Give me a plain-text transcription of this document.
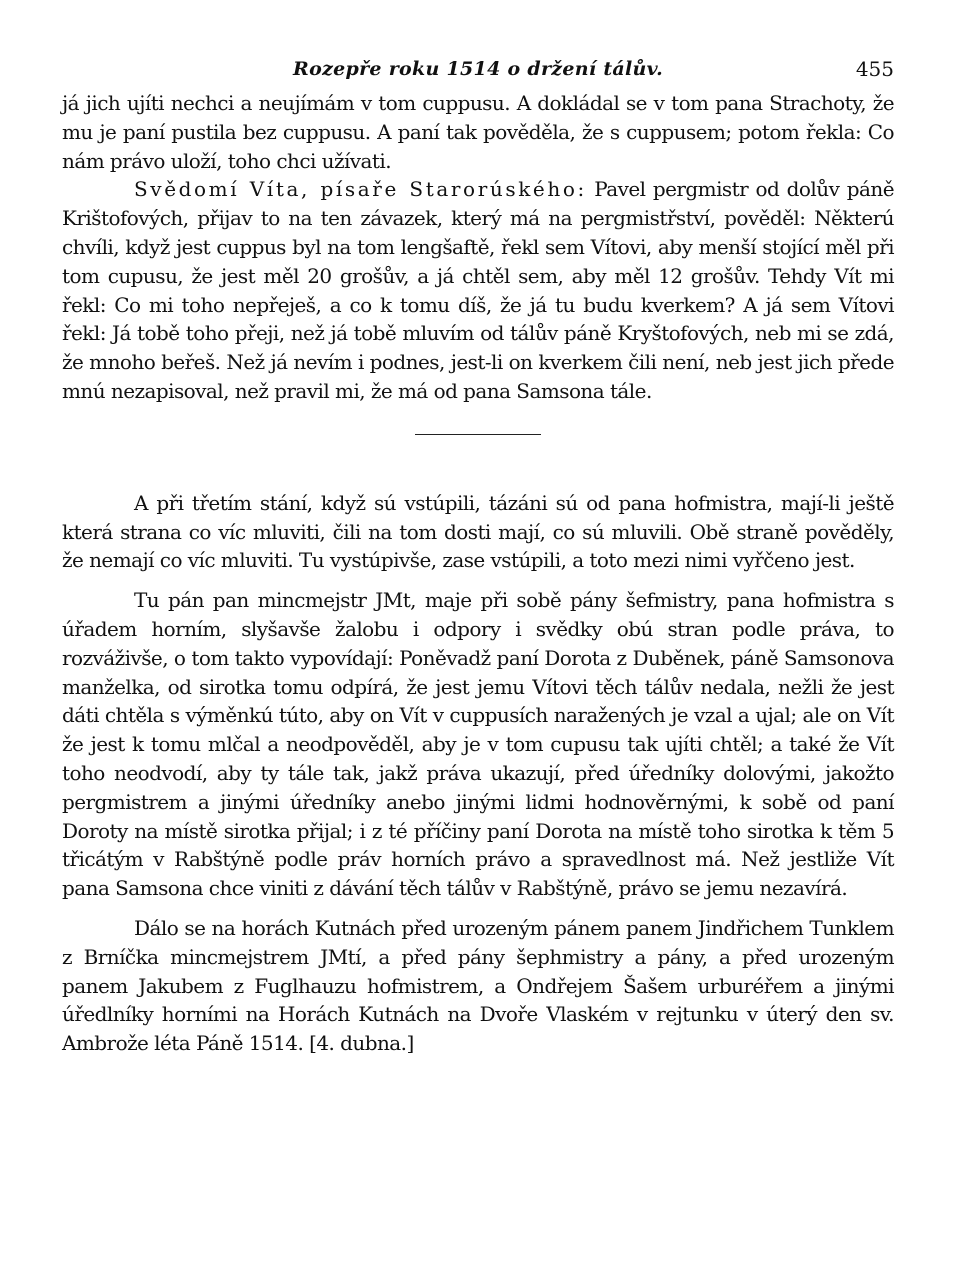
Rozepře roku 1514 o držení tálův.	455

já jich ujíti nechci a neujímám v tom cuppusu. A dokládal se v tom pana Strachoty, že mu je paní pustila bez cuppusu. A paní tak pověděla, že s cuppusem; potom řekla: Co nám právo uloží, toho chci užívati.

Svědomí Víta, písaře Starorúského: Pavel pergmistr od dolův páně Krištofových, přijav to na ten závazek, který má na pergmistřství, pověděl: Některú chvíli, když jest cuppus byl na tom lengšaftě, řekl sem Vítovi, aby menší stojící měl při tom cupusu, že jest měl 20 grošův, a já chtěl sem, aby měl 12 grošův. Tehdy Vít mi řekl: Co mi toho nepřeješ, a co k tomu díš, že já tu budu kverkem? A já sem Vítovi řekl: Já tobě toho přeji, než já tobě mluvím od tálův páně Kryštofových, neb mi se zdá, že mnoho beřeš. Než já nevím i podnes, jest-li on kverkem čili není, neb jest jich přede mnú nezapisoval, než pravil mi, že má od pana Samsona tále.

A při třetím stání, když sú vstúpili, tázáni sú od pana hofmistra, mají-li ještě která strana co víc mluviti, čili na tom dosti mají, co sú mluvili. Obě straně pověděly, že nemají co víc mluviti. Tu vystúpivše, zase vstúpili, a toto mezi nimi vyřčeno jest.

Tu pán pan mincmejstr JMt, maje při sobě pány šefmistry, pana hofmistra s úřadem horním, slyšavše žalobu i odpory i svědky obú stran podle práva, to rozváživše, o tom takto vypovídají: Poněvadž paní Dorota z Duběnek, páně Samsonova manželka, od sirotka tomu odpírá, že jest jemu Vítovi těch tálův nedala, nežli že jest dáti chtěla s výměnkú túto, aby on Vít v cuppusích naražených je vzal a ujal; ale on Vít že jest k tomu mlčal a neodpověděl, aby je v tom cupusu tak ujíti chtěl; a také že Vít toho neodvodí, aby ty tále tak, jakž práva ukazují, před úředníky dolovými, jakožto pergmistrem a jinými úředníky anebo jinými lidmi hodnověrnými, k sobě od paní Doroty na místě sirotka přijal; i z té příčiny paní Dorota na místě toho sirotka k těm 5 třicátým v Rabštýně podle práv horních právo a spravedlnost má. Než jestliže Vít pana Samsona chce viniti z dávání těch tálův v Rabštýně, právo se jemu nezavírá.

Dálo se na horách Kutnách před urozeným pánem panem Jindřichem Tunklem z Brníčka mincmejstrem JMtí, a před pány šephmistry a pány, a před urozeným panem Jakubem z Fuglhauzu hofmistrem, a Ondřejem Šašem urburéřem a jinými úředlníky horními na Horách Kutnách na Dvoře Vlaském v rejtunku v úterý den sv. Ambrože léta Páně 1514. [4. dubna.]
